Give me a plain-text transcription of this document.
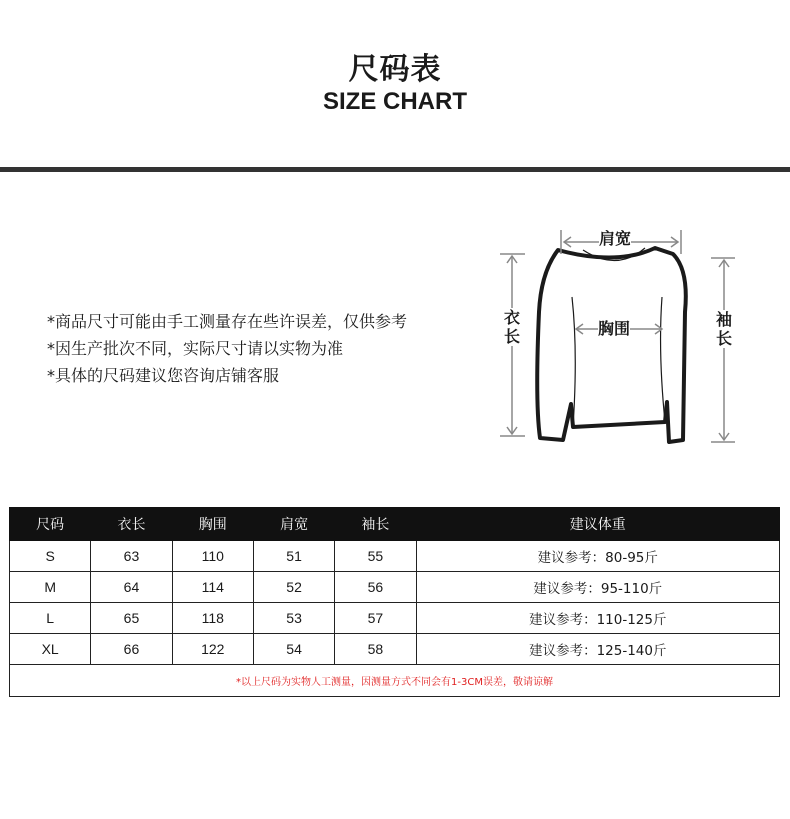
尺码表
SIZE CHART
*商品尺寸可能由手工测量存在些许误差，仅供参考
*因生产批次不同，实际尺寸请以实物为准
*具体的尺码建议您咨询店铺客服
肩宽
胸围
衣长
袖长
尺码	衣长	胸围	肩宽	袖长	建议体重
S	63	110	51	55	建议参考：80-95斤
M	64	114	52	56	建议参考：95-110斤
L	65	118	53	57	建议参考：110-125斤
XL	66	122	54	58	建议参考：125-140斤
*以上尺码为实物人工测量，因测量方式不同会有1-3CM误差，敬请谅解					
